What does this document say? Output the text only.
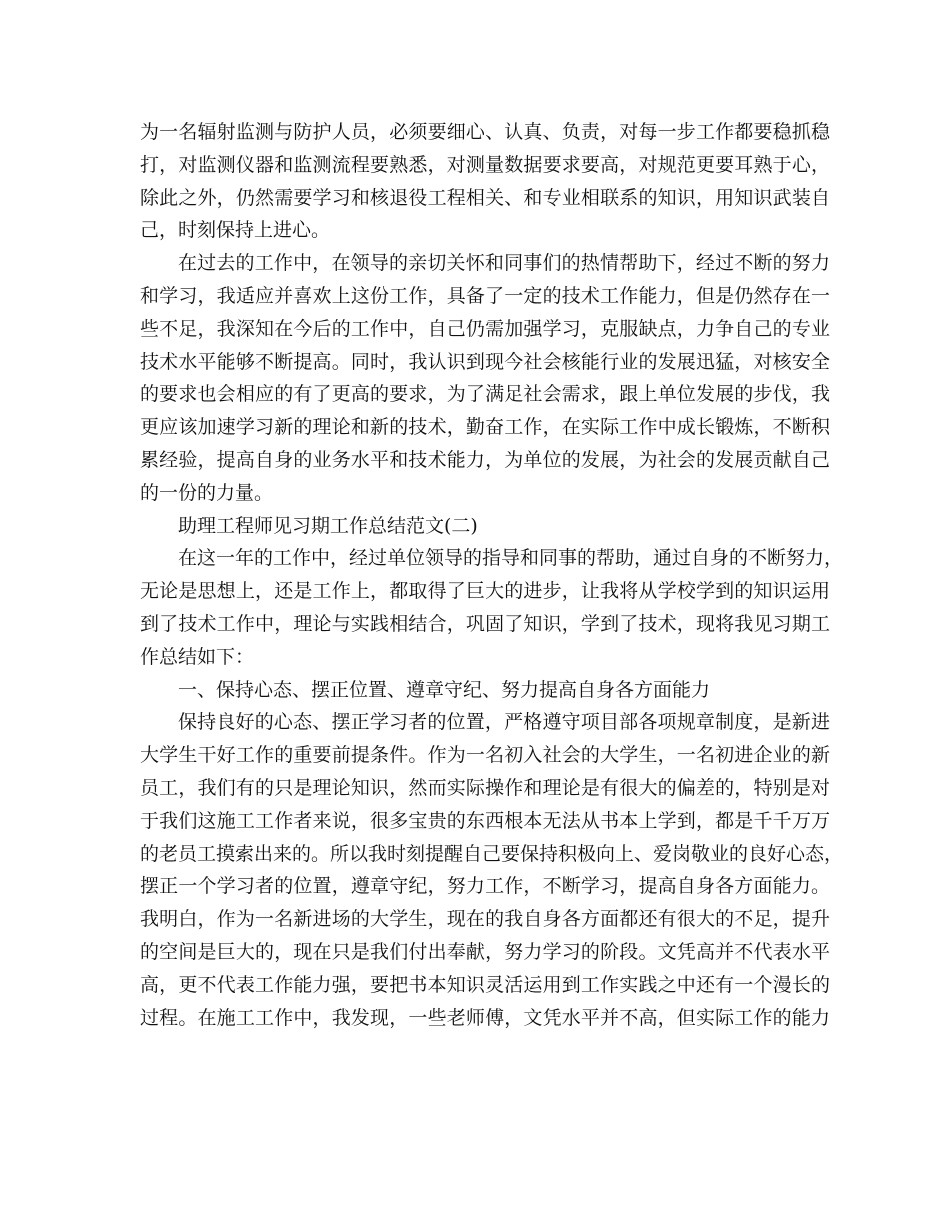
为一名辐射监测与防护人员，必须要细心、认真、负责，对每一步工作都要稳抓稳
打，对监测仪器和监测流程要熟悉，对测量数据要求要高，对规范更要耳熟于心，
除此之外，仍然需要学习和核退役工程相关、和专业相联系的知识，用知识武装自
己，时刻保持上进心。
在过去的工作中，在领导的亲切关怀和同事们的热情帮助下，经过不断的努力
和学习，我适应并喜欢上这份工作，具备了一定的技术工作能力，但是仍然存在一
些不足，我深知在今后的工作中，自己仍需加强学习，克服缺点，力争自己的专业
技术水平能够不断提高。同时，我认识到现今社会核能行业的发展迅猛，对核安全
的要求也会相应的有了更高的要求，为了满足社会需求，跟上单位发展的步伐，我
更应该加速学习新的理论和新的技术，勤奋工作，在实际工作中成长锻炼，不断积
累经验，提高自身的业务水平和技术能力，为单位的发展，为社会的发展贡献自己
的一份的力量。
助理工程师见习期工作总结范文(二)
在这一年的工作中，经过单位领导的指导和同事的帮助，通过自身的不断努力，
无论是思想上，还是工作上，都取得了巨大的进步，让我将从学校学到的知识运用
到了技术工作中，理论与实践相结合，巩固了知识，学到了技术，现将我见习期工
作总结如下：
一、保持心态、摆正位置、遵章守纪、努力提高自身各方面能力
保持良好的心态、摆正学习者的位置，严格遵守项目部各项规章制度，是新进
大学生干好工作的重要前提条件。作为一名初入社会的大学生，一名初进企业的新
员工，我们有的只是理论知识，然而实际操作和理论是有很大的偏差的，特别是对
于我们这施工工作者来说，很多宝贵的东西根本无法从书本上学到，都是千千万万
的老员工摸索出来的。所以我时刻提醒自己要保持积极向上、爱岗敬业的良好心态，
摆正一个学习者的位置，遵章守纪，努力工作，不断学习，提高自身各方面能力。
我明白，作为一名新进场的大学生，现在的我自身各方面都还有很大的不足，提升
的空间是巨大的，现在只是我们付出奉献，努力学习的阶段。文凭高并不代表水平
高，更不代表工作能力强，要把书本知识灵活运用到工作实践之中还有一个漫长的
过程。在施工工作中，我发现，一些老师傅，文凭水平并不高，但实际工作的能力
